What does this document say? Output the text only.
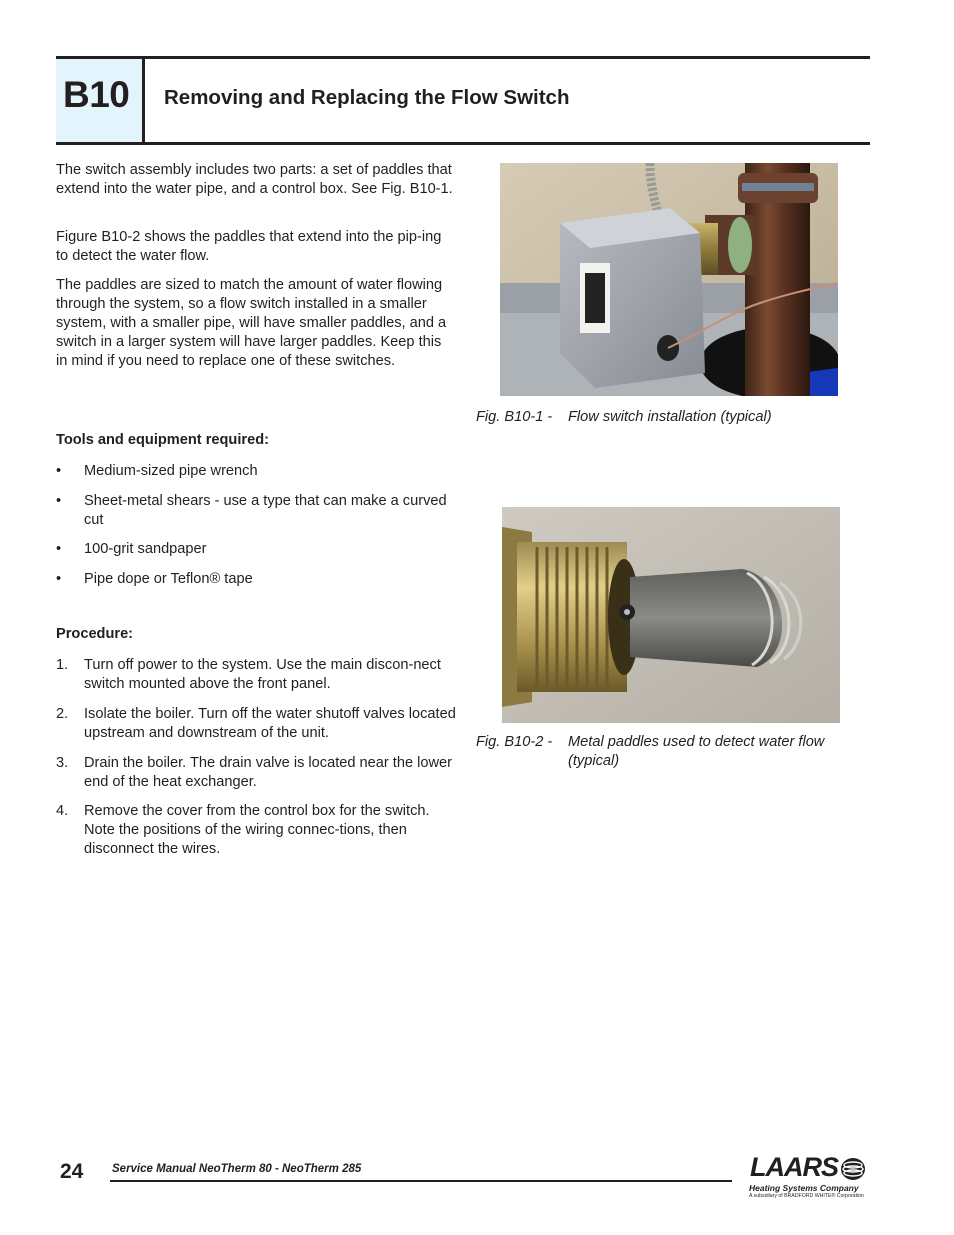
B10	Removing and Replacing the Flow Switch
The switch assembly includes two parts: a set of paddles that extend into the water pipe, and a control box. See Fig. B10-1.
Figure B10-2 shows the paddles that extend into the pip-ing to detect the water flow.
The paddles are sized to match the amount of water flowing through the system, so a flow switch installed in a smaller system, with a smaller pipe, will have smaller paddles, and a switch in a larger system will have larger paddles. Keep this in mind if you need to replace one of these switches.
Tools and equipment required:
• Medium-sized pipe wrench
• Sheet-metal shears - use a type that can make a curved cut
• 100-grit sandpaper
• Pipe dope or Teflon® tape
Procedure:
1. Turn off power to the system. Use the main discon-nect switch mounted above the front panel.
2. Isolate the boiler. Turn off the water shutoff valves located upstream and downstream of the unit.
3. Drain the boiler. The drain valve is located near the lower end of the heat exchanger.
4. Remove the cover from the control box for the switch. Note the positions of the wiring connec-tions, then disconnect the wires.
Fig. B10-1 - Flow switch installation (typical)
Fig. B10-2 - Metal paddles used to detect water flow (typical)
24 Service Manual NeoTherm 80 - NeoTherm 285	LAARS
Heating Systems Company
A subsidiary of BRADFORD WHITE® Corporation
